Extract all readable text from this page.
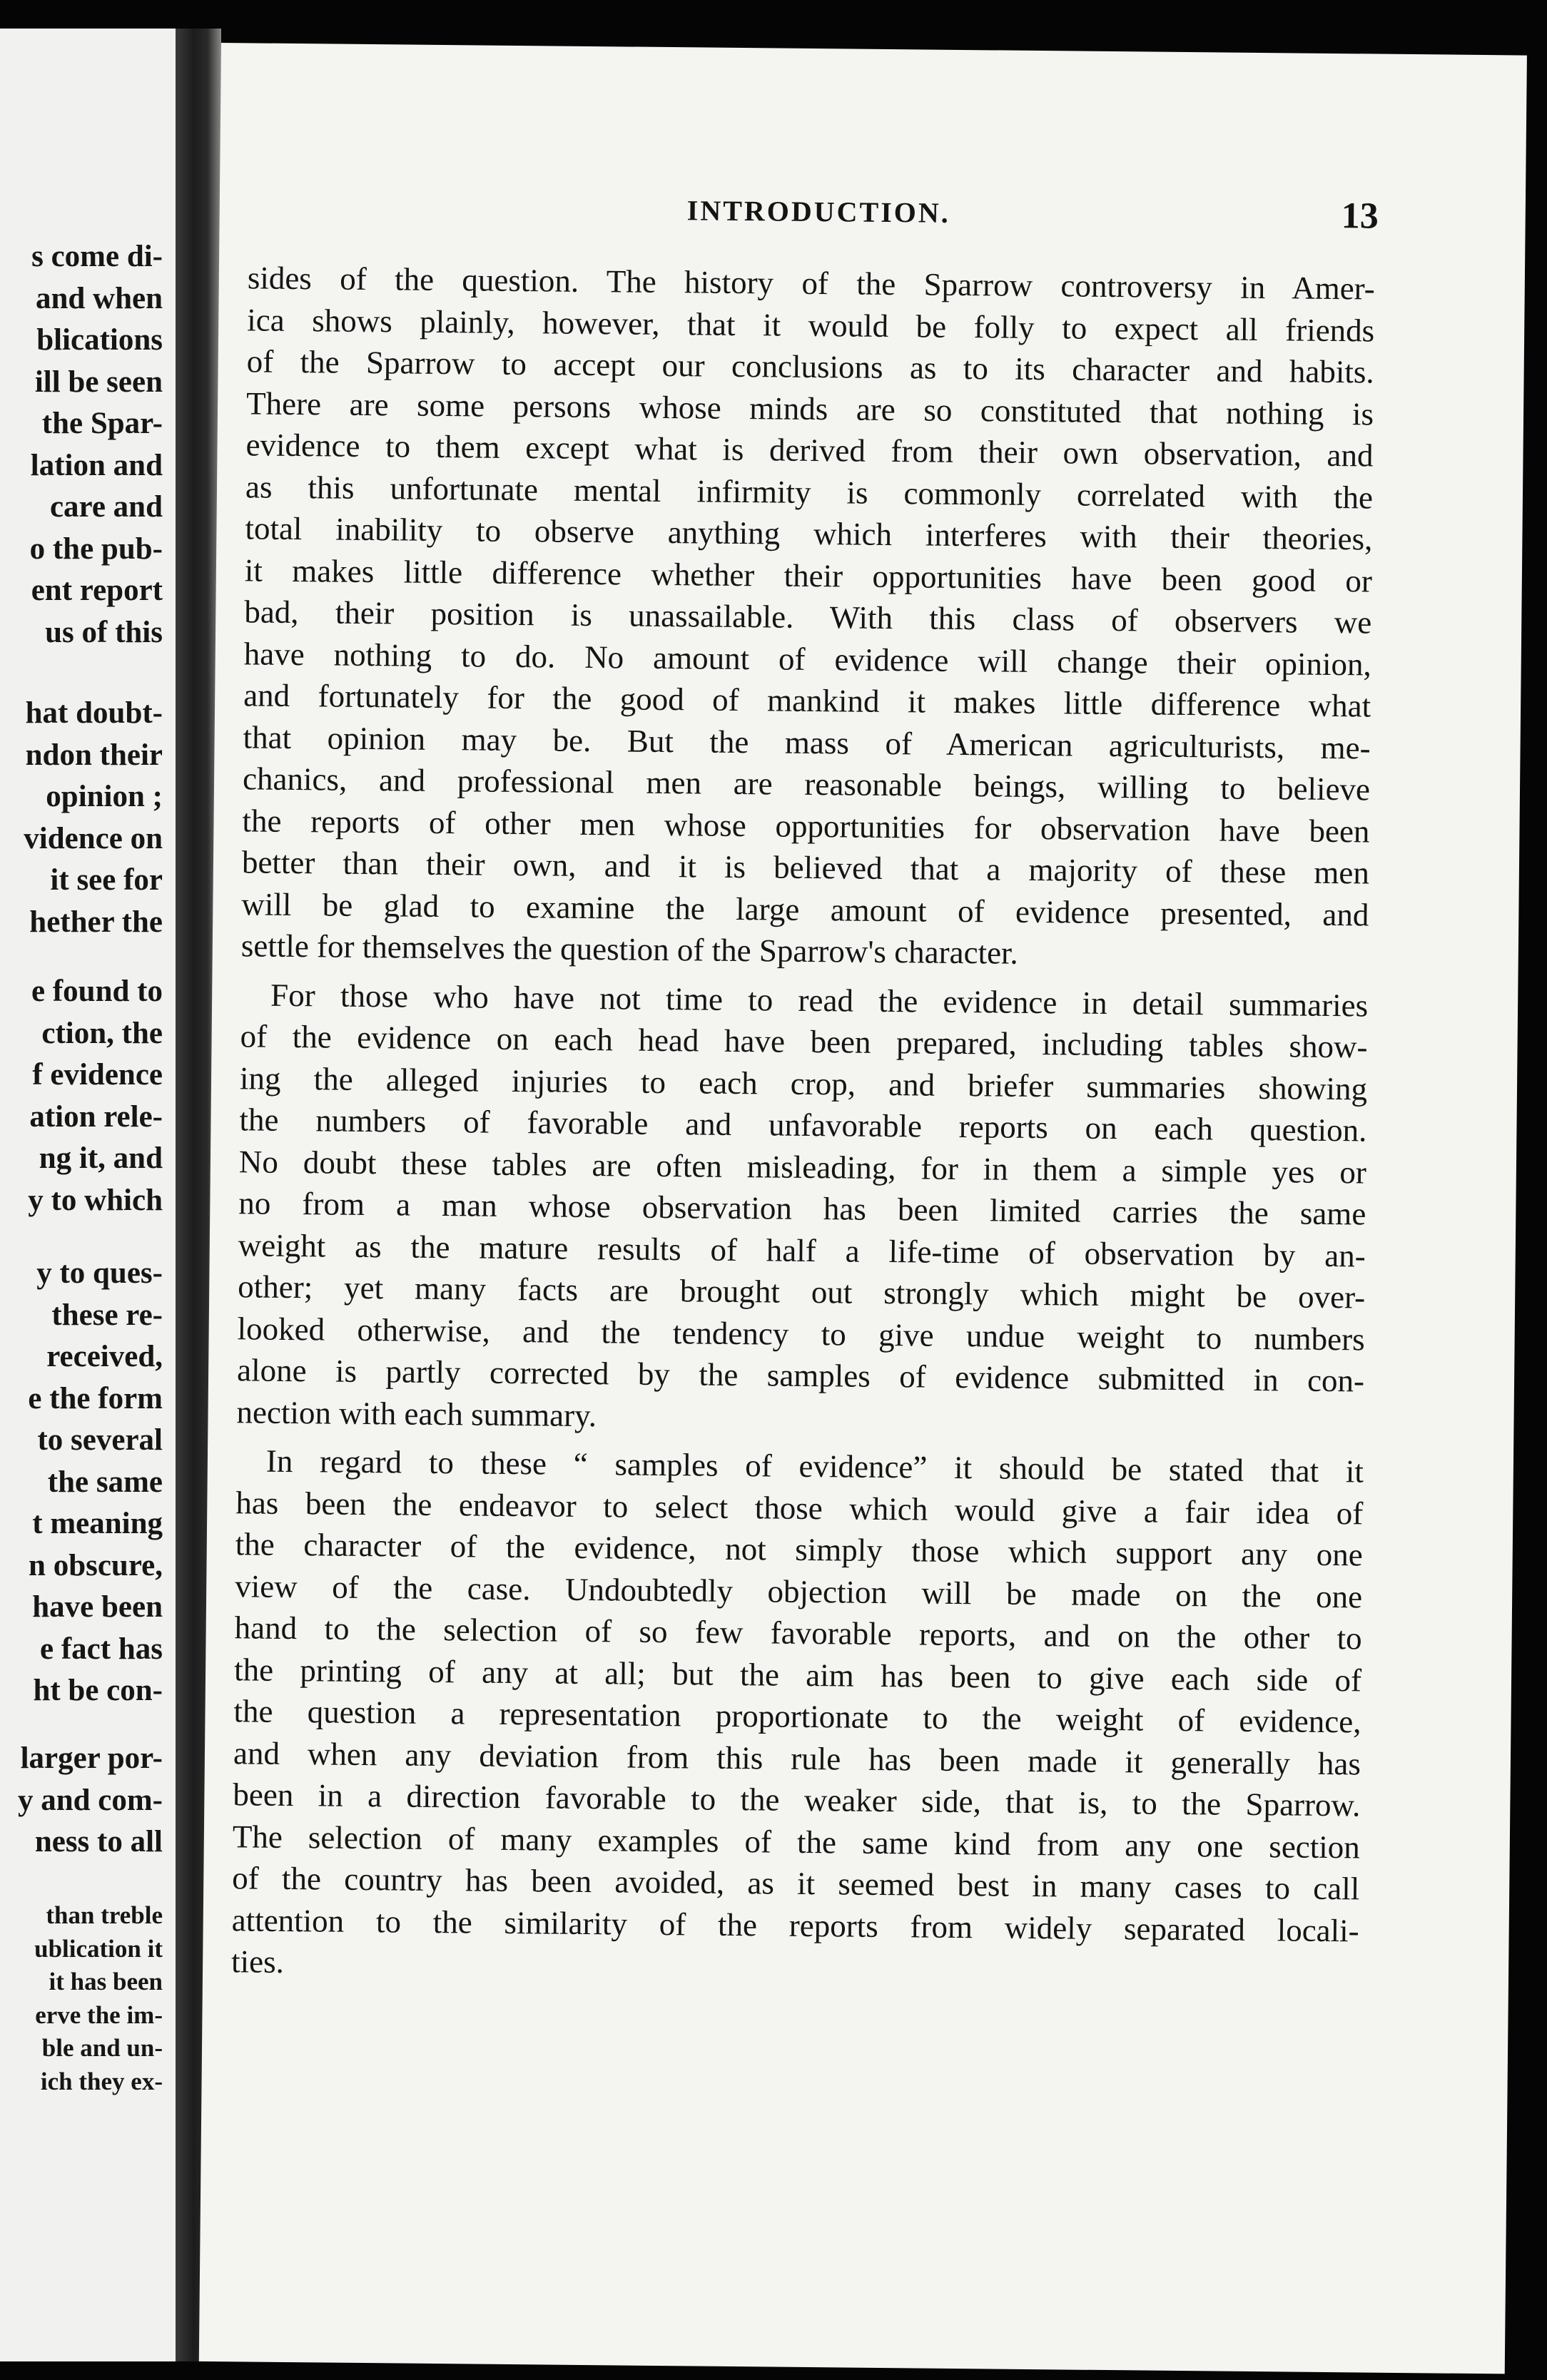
s come di-
and when
blications
ill be seen
the Spar-
lation and
care and
o the pub-
ent report
us of this
hat doubt-
ndon their
opinion ;
vidence on
it see for
hether the
e found to
ction, the
f evidence
ation rele-
ng it, and
y to which
y to ques-
these re-
received,
e the form
to several
the same
t meaning
n obscure,
have been
e fact has
ht be con-
larger por-
y and com-
ness to all
than treble
ublication it
it has been
erve the im-
ble and un-
ich they ex-
INTRODUCTION.	13
sides of the question. The history of the Sparrow controversy in Amer-
ica shows plainly, however, that it would be folly to expect all friends
of the Sparrow to accept our conclusions as to its character and habits.
There are some persons whose minds are so constituted that nothing is
evidence to them except what is derived from their own observation, and
as this unfortunate mental infirmity is commonly correlated with the
total inability to observe anything which interferes with their theories,
it makes little difference whether their opportunities have been good or
bad, their position is unassailable. With this class of observers we
have nothing to do. No amount of evidence will change their opinion,
and fortunately for the good of mankind it makes little difference what
that opinion may be. But the mass of American agriculturists, me-
chanics, and professional men are reasonable beings, willing to believe
the reports of other men whose opportunities for observation have been
better than their own, and it is believed that a majority of these men
will be glad to examine the large amount of evidence presented, and
settle for themselves the question of the Sparrow's character.
For those who have not time to read the evidence in detail summaries
of the evidence on each head have been prepared, including tables show-
ing the alleged injuries to each crop, and briefer summaries showing
the numbers of favorable and unfavorable reports on each question.
No doubt these tables are often misleading, for in them a simple yes or
no from a man whose observation has been limited carries the same
weight as the mature results of half a life-time of observation by an-
other; yet many facts are brought out strongly which might be over-
looked otherwise, and the tendency to give undue weight to numbers
alone is partly corrected by the samples of evidence submitted in con-
nection with each summary.
In regard to these “ samples of evidence” it should be stated that it
has been the endeavor to select those which would give a fair idea of
the character of the evidence, not simply those which support any one
view of the case. Undoubtedly objection will be made on the one
hand to the selection of so few favorable reports, and on the other to
the printing of any at all; but the aim has been to give each side of
the question a representation proportionate to the weight of evidence,
and when any deviation from this rule has been made it generally has
been in a direction favorable to the weaker side, that is, to the Sparrow.
The selection of many examples of the same kind from any one section
of the country has been avoided, as it seemed best in many cases to call
attention to the similarity of the reports from widely separated locali-
ties.
